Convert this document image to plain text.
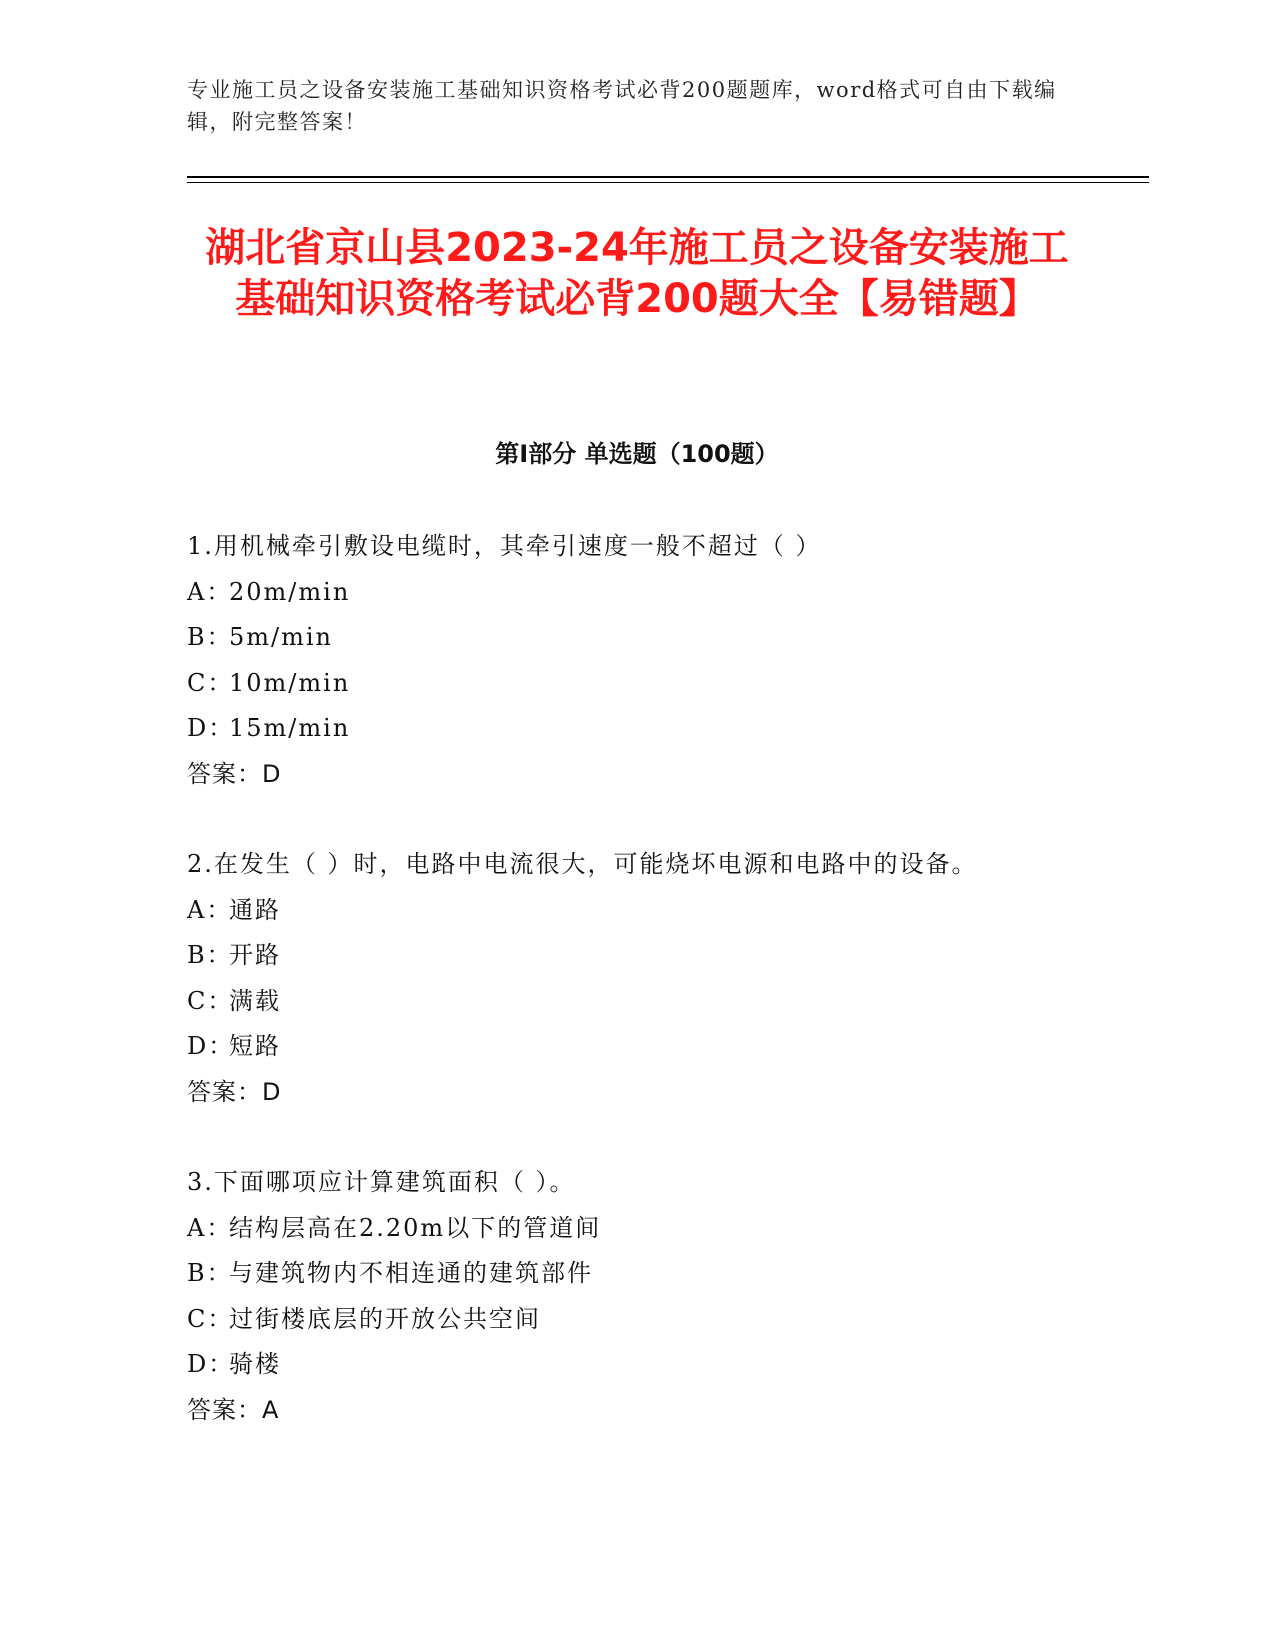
专业施工员之设备安装施工基础知识资格考试必背200题题库，word格式可自由下载编辑，附完整答案！
湖北省京山县2023-24年施工员之设备安装施工基础知识资格考试必背200题大全【易错题】
第I部分 单选题（100题）
1.用机械牵引敷设电缆时，其牵引速度一般不超过（ ）
A：20m/min
B：5m/min
C：10m/min
D：15m/min
答案：D
2.在发生（ ）时，电路中电流很大，可能烧坏电源和电路中的设备。
A：通路
B：开路
C：满载
D：短路
答案：D
3.下面哪项应计算建筑面积（ ）。
A：结构层高在2.20m以下的管道间
B：与建筑物内不相连通的建筑部件
C：过街楼底层的开放公共空间
D：骑楼
答案：A
